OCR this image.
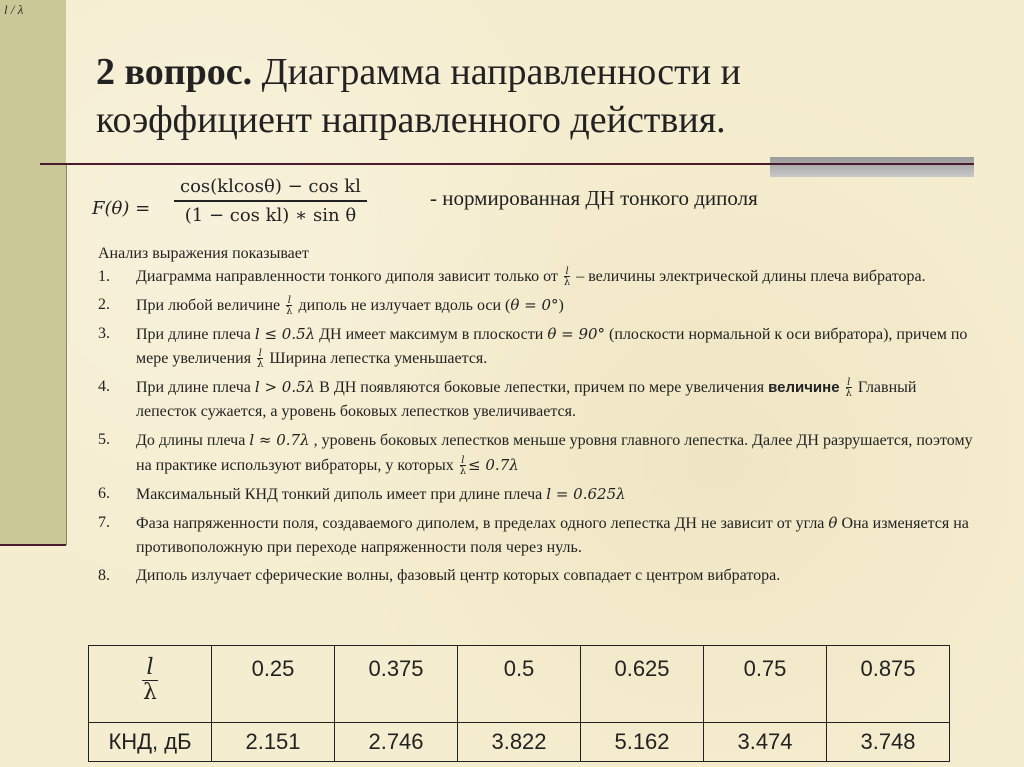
l / λ
2 вопрос. Диаграмма направленности и коэффициент направленного действия.
F(θ) =
cos(klcosθ) − cos kl
(1 − cos kl) ∗ sin θ
- нормированная ДН тонкого диполя
Анализ выражения показывает
1. Диаграмма направленности тонкого диполя зависит только от $\frac{l}{\lambda}$ – величины электрической длины плеча вибратора.
2. При любой величине $\frac{l}{\lambda}$ диполь не излучает вдоль оси (θ = 0°)
3. При длине плеча l ≤ 0.5λ ДН имеет максимум в плоскости θ = 90° (плоскости нормальной к оси вибратора), причем по мере увеличения $\frac{l}{\lambda}$ Ширина лепестка уменьшается.
4. При длине плеча l > 0.5λ В ДН появляются боковые лепестки, причем по мере увеличения величине $\frac{l}{\lambda}$ Главный лепесток сужается, а уровень боковых лепестков увеличивается.
5. До длины плеча l ≈ 0.7λ , уровень боковых лепестков меньше уровня главного лепестка. Далее ДН разрушается, поэтому на практике используют вибраторы, у которых $\frac{l}{\lambda} \le 0.7\lambda$
6. Максимальный КНД тонкий диполь имеет при длине плеча l = 0.625λ
7. Фаза напряженности поля, создаваемого диполем, в пределах одного лепестка ДН не зависит от угла θ Она изменяется на противоположную при переходе напряженности поля через нуль.
8. Диполь излучает сферические волны, фазовый центр которых совпадает с центром вибратора.
$\frac{l}{\lambda}$	0.25	0.375	0.5	0.625	0.75	0.875
КНД, дБ	2.151	2.746	3.822	5.162	3.474	3.748
